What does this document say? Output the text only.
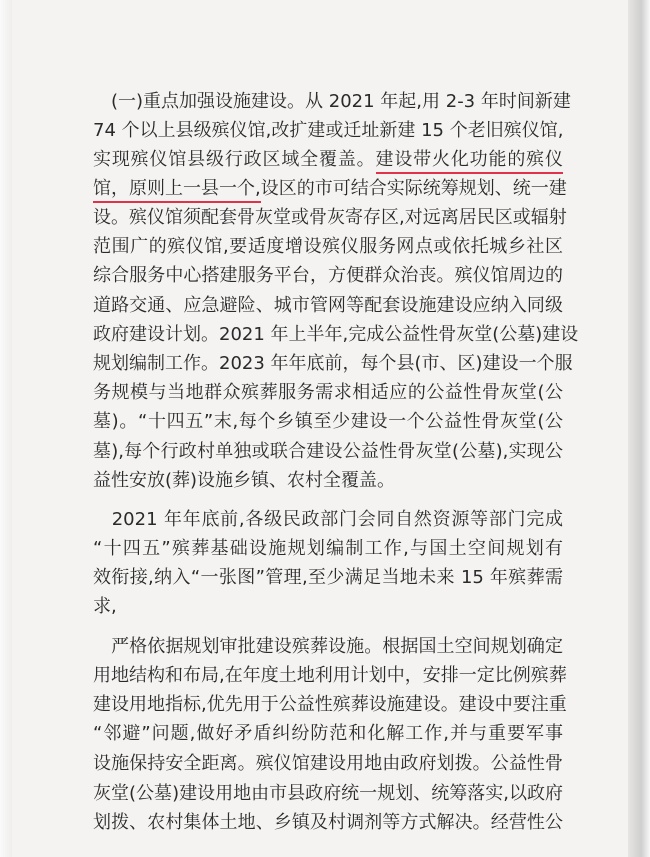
　(一)重点加强设施建设。从 2021 年起,用 2-3 年时间新建
74 个以上县级殡仪馆,改扩建或迁址新建 15 个老旧殡仪馆,
实现殡仪馆县级行政区域全覆盖。建设带火化功能的殡仪
馆，原则上一县一个,设区的市可结合实际统筹规划、统一建
设。殡仪馆须配套骨灰堂或骨灰寄存区,对远离居民区或辐射
范围广的殡仪馆,要适度增设殡仪服务网点或依托城乡社区
综合服务中心搭建服务平台，方便群众治丧。殡仪馆周边的
道路交通、应急避险、城市管网等配套设施建设应纳入同级
政府建设计划。2021 年上半年,完成公益性骨灰堂(公墓)建设
规划编制工作。2023 年年底前，每个县(市、区)建设一个服
务规模与当地群众殡葬服务需求相适应的公益性骨灰堂(公
墓)。“十四五”末,每个乡镇至少建设一个公益性骨灰堂(公
墓),每个行政村单独或联合建设公益性骨灰堂(公墓),实现公
益性安放(葬)设施乡镇、农村全覆盖。
　2021 年年底前,各级民政部门会同自然资源等部门完成
“十四五”殡葬基础设施规划编制工作,与国土空间规划有
效衔接,纳入“一张图”管理,至少满足当地未来 15 年殡葬需
求,
　严格依据规划审批建设殡葬设施。根据国土空间规划确定
用地结构和布局,在年度土地利用计划中，安排一定比例殡葬
建设用地指标,优先用于公益性殡葬设施建设。建设中要注重
“邻避”问题,做好矛盾纠纷防范和化解工作,并与重要军事
设施保持安全距离。殡仪馆建设用地由政府划拨。公益性骨
灰堂(公墓)建设用地由市县政府统一规划、统筹落实,以政府
划拨、农村集体土地、乡镇及村调剂等方式解决。经营性公
